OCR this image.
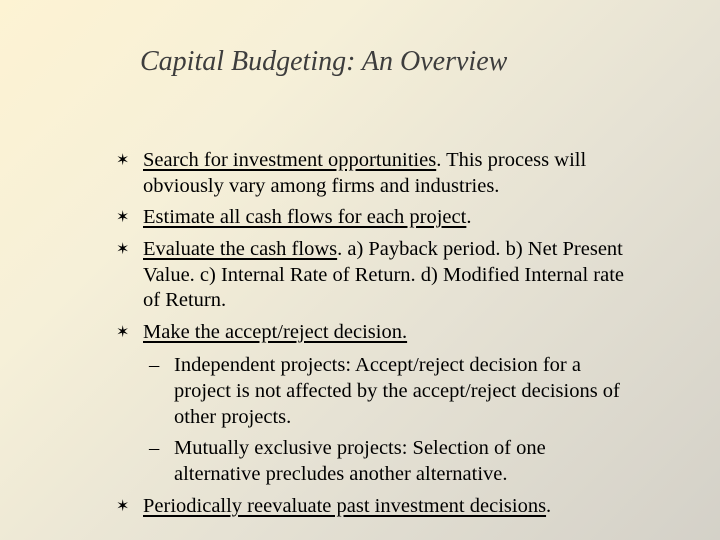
Capital Budgeting: An Overview
✶ Search for investment opportunities. This process will
obviously vary among firms and industries.
✶ Estimate all cash flows for each project.
✶ Evaluate the cash flows. a) Payback period. b) Net Present
Value. c) Internal Rate of Return. d) Modified Internal rate
of Return.
✶ Make the accept/reject decision.
– Independent projects: Accept/reject decision for a
project is not affected by the accept/reject decisions of
other projects.
– Mutually exclusive projects: Selection of one
alternative precludes another alternative.
✶ Periodically reevaluate past investment decisions.
